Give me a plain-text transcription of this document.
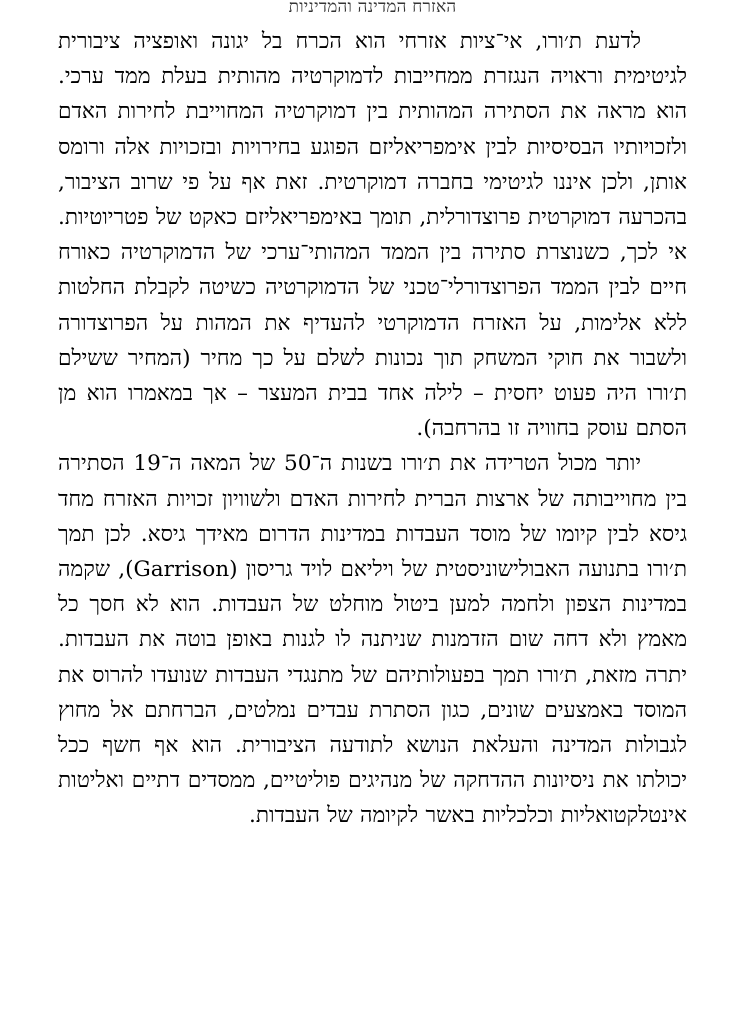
האזרח המדינה והמדיניות

לדעת ת׳ורו, אי־ציות אזרחי הוא הכרח בל יגונה ואופציה ציבורית לגיטימית וראויה הנגזרת ממחייבות לדמוקרטיה מהותית בעלת ממד ערכי. הוא מראה את הסתירה המהותית בין דמוקרטיה המחוייבת לחירות האדם ולזכויותיו הבסיסיות לבין אימפריאליזם הפוגע בחירויות ובזכויות אלה ורומס אותן, ולכן איננו לגיטימי בחברה דמוקרטית. זאת אף על פי שרוב הציבור, בהכרעה דמוקרטית פרוצדורלית, תומך באימפריאליזם כאקט של פטריוטיות. אי לכך, כשנוצרת סתירה בין הממד המהותי־ערכי של הדמוקרטיה כאורח חיים לבין הממד הפרוצדורלי־טכני של הדמוקרטיה כשיטה לקבלת החלטות ללא אלימות, על האזרח הדמוקרטי להעדיף את המהות על הפרוצדורה ולשבור את חוקי המשחק תוך נכונות לשלם על כך מחיר (המחיר ששילם ת׳ורו היה פעוט יחסית – לילה אחד בבית המעצר – אך במאמרו הוא מן הסתם עוסק בחוויה זו בהרחבה).

יותר מכול הטרידה את ת׳ורו בשנות ה־50 של המאה ה־19 הסתירה בין מחוייבותה של ארצות הברית לחירות האדם ולשוויון זכויות האזרח מחד גיסא לבין קיומו של מוסד העבדות במדינות הדרום מאידך גיסא. לכן תמך ת׳ורו בתנועה האבולישוניסטית של ויליאם לויד גריסון (Garrison), שקמה במדינות הצפון ולחמה למען ביטול מוחלט של העבדות. הוא לא חסך כל מאמץ ולא דחה שום הזדמנות שניתנה לו לגנות באופן בוטה את העבדות. יתרה מזאת, ת׳ורו תמך בפעולותיהם של מתנגדי העבדות שנועדו להרוס את המוסד באמצעים שונים, כגון הסתרת עבדים נמלטים, הברחתם אל מחוץ לגבולות המדינה והעלאת הנושא לתודעה הציבורית. הוא אף חשף ככל יכולתו את ניסיונות ההדחקה של מנהיגים פוליטיים, ממסדים דתיים ואליטות אינטלקטואליות וכלכליות באשר לקיומה של העבדות.
